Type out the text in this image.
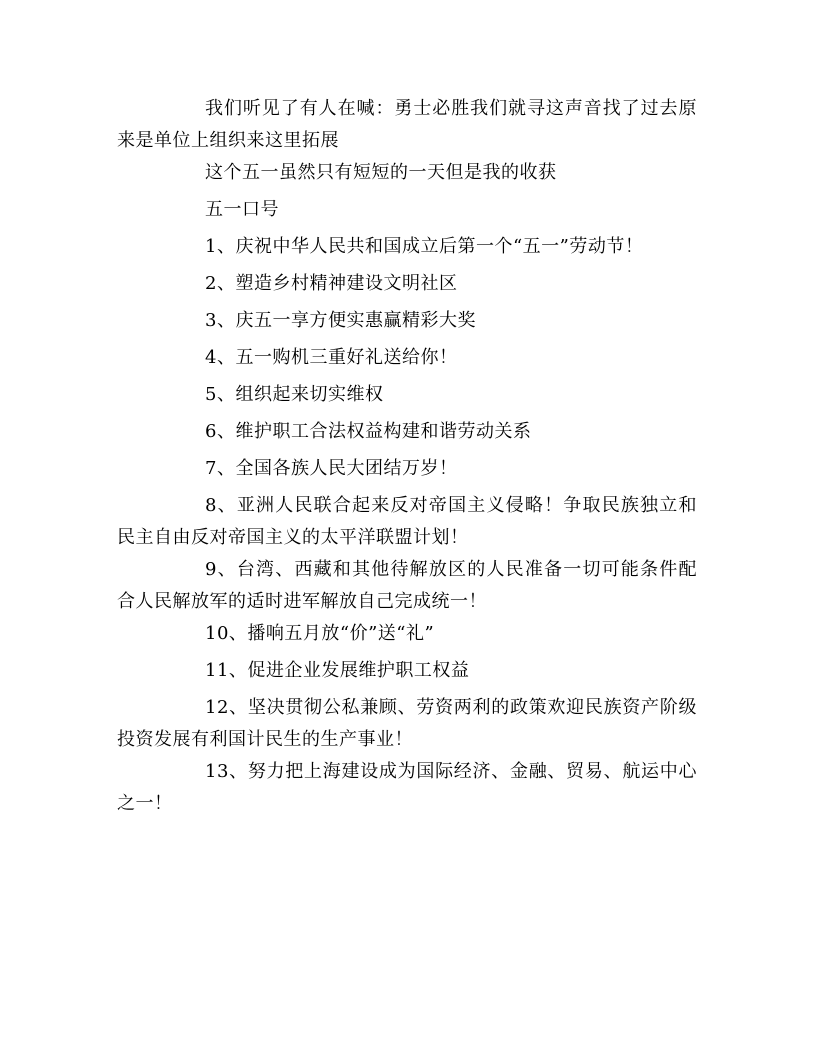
我们听见了有人在喊：勇士必胜我们就寻这声音找了过去原来是单位上组织来这里拓展

这个五一虽然只有短短的一天但是我的收获

五一口号

1、庆祝中华人民共和国成立后第一个“五一”劳动节！

2、塑造乡村精神建设文明社区

3、庆五一享方便实惠赢精彩大奖

4、五一购机三重好礼送给你！

5、组织起来切实维权

6、维护职工合法权益构建和谐劳动关系

7、全国各族人民大团结万岁！

8、亚洲人民联合起来反对帝国主义侵略！争取民族独立和民主自由反对帝国主义的太平洋联盟计划！

9、台湾、西藏和其他待解放区的人民准备一切可能条件配合人民解放军的适时进军解放自己完成统一！

10、播响五月放“价”送“礼”

11、促进企业发展维护职工权益

12、坚决贯彻公私兼顾、劳资两利的政策欢迎民族资产阶级投资发展有利国计民生的生产事业！

13、努力把上海建设成为国际经济、金融、贸易、航运中心之一！
